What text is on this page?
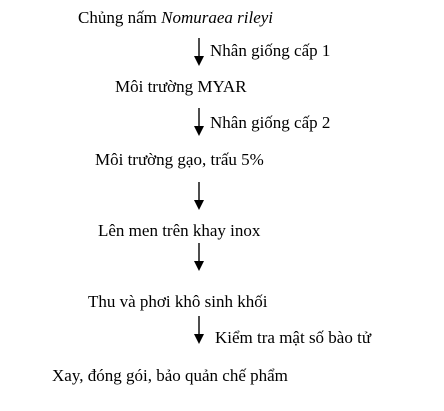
Chủng nấm Nomuraea rileyi
Nhân giống cấp 1
Môi trường MYAR
Nhân giống cấp 2
Môi trường gạo, trấu 5%
Lên men trên khay inox
Thu và phơi khô sinh khối
Kiểm tra mật số bào tử
Xay, đóng gói, bảo quản chế phẩm
